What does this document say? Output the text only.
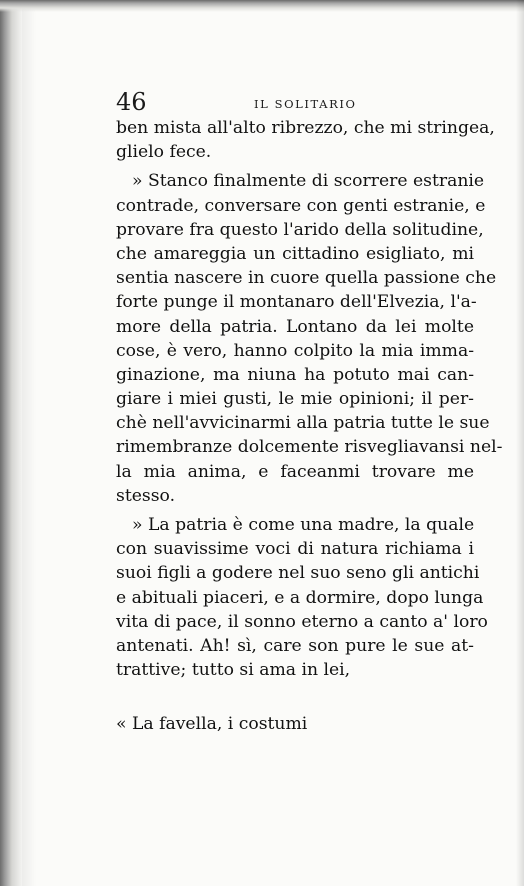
46	IL SOLITARIO
ben mista all'alto ribrezzo, che mi stringea,
glielo fece.
» Stanco finalmente di scorrere estranie
contrade, conversare con genti estranie, e
provare fra questo l'arido della solitudine,
che amareggia un cittadino esigliato, mi
sentia nascere in cuore quella passione che
forte punge il montanaro dell'Elvezia, l'a-
more della patria. Lontano da lei molte
cose, è vero, hanno colpito la mia imma-
ginazione, ma niuna ha potuto mai can-
giare i miei gusti, le mie opinioni; il per-
chè nell'avvicinarmi alla patria tutte le sue
rimembranze dolcemente risvegliavansi nel-
la mia anima, e faceanmi trovare me
stesso.
» La patria è come una madre, la quale
con suavissime voci di natura richiama i
suoi figli a godere nel suo seno gli antichi
e abituali piaceri, e a dormire, dopo lunga
vita di pace, il sonno eterno a canto a' loro
antenati. Ah! sì, care son pure le sue at-
trattive; tutto si ama in lei,
« La favella, i costumi
